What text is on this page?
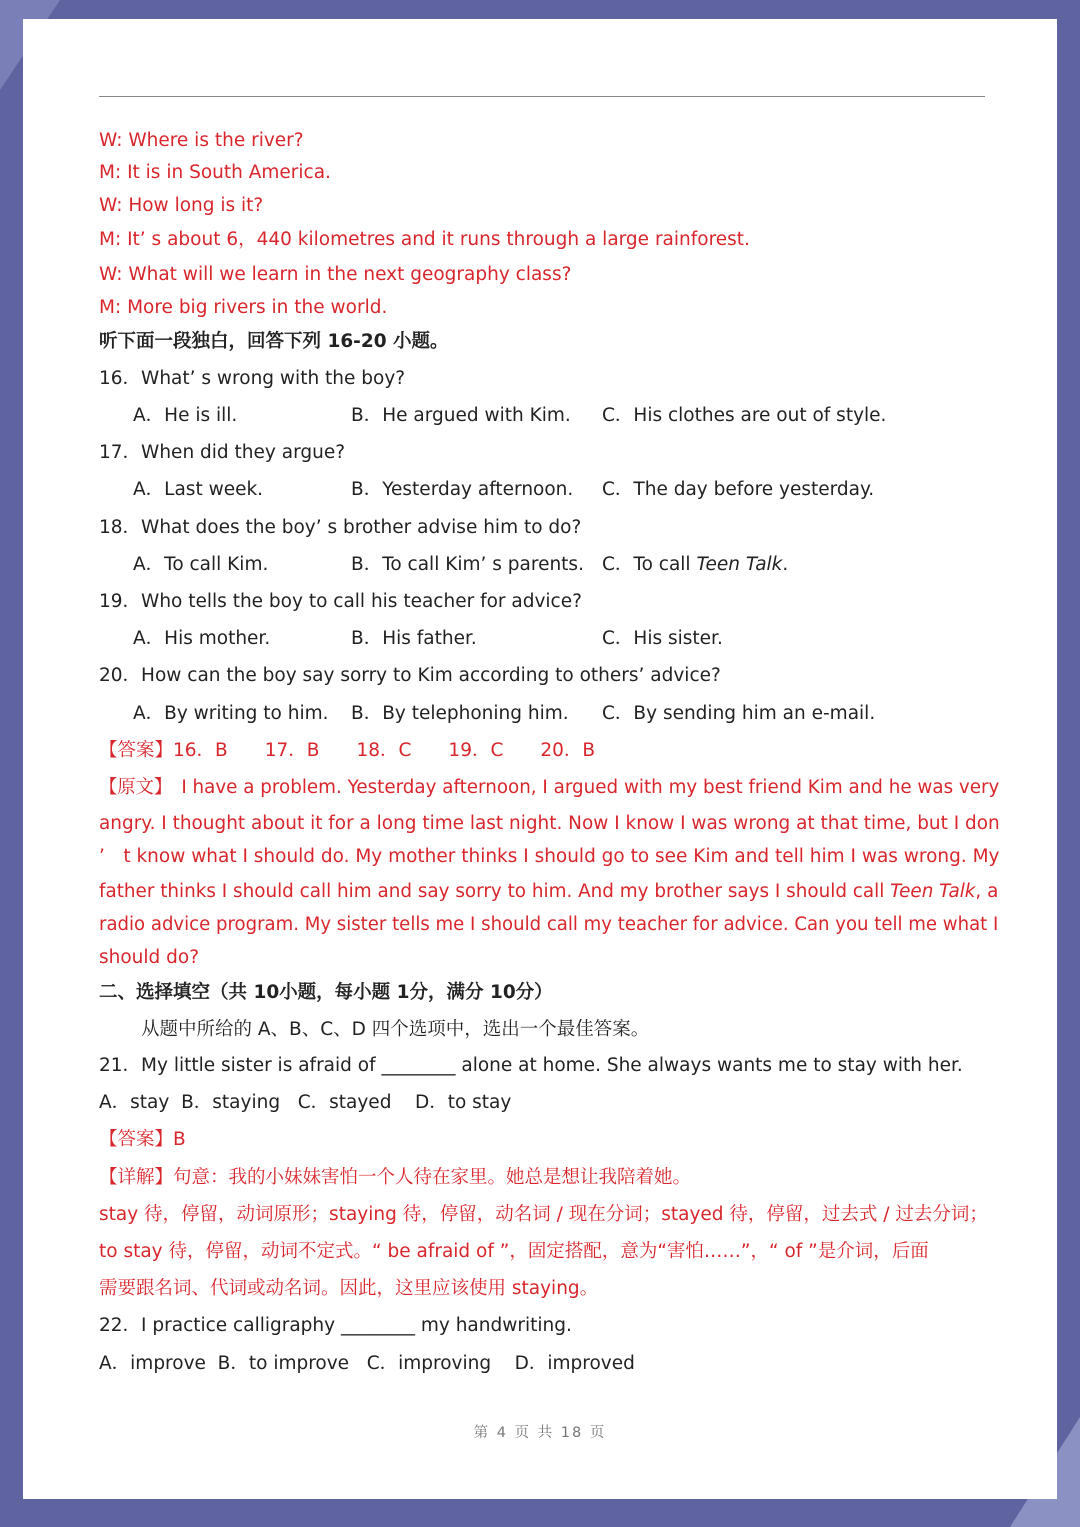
W: Where is the river?
M: It is in South America.
W: How long is it?
M: It’ s about 6，440 kilometres and it runs through a large rainforest.
W: What will we learn in the next geography class?
M: More big rivers in the world.
听下面一段独白，回答下列 16-20 小题。
16．What’ s wrong with the boy?
A．He is ill.	B．He argued with Kim. C．His clothes are out of style.
17．When did they argue?
A．Last week.	B．Yesterday afternoon. C．The day before yesterday.
18．What does the boy’ s brother advise him to do?
A．To call Kim.	B．To call Kim’ s parents. C．To call Teen Talk.
19．Who tells the boy to call his teacher for advice?
A．His mother.	B．His father.	C．His sister.
20．How can the boy say sorry to Kim according to others’ advice?
A．By writing to him. B．By telephoning him. C．By sending him an e-mail.
【答案】16．B　　17．B　　18．C　　19．C　　20．B
【原文】　I have a problem. Yesterday afternoon, I argued with my best friend Kim and he was very
angry. I thought about it for a long time last night. Now I know I was wrong at that time, but I don
’　t know what I should do. My mother thinks I should go to see Kim and tell him I was wrong. My
father thinks I should call him and say sorry to him. And my brother says I should call Teen Talk, a
radio advice program. My sister tells me I should call my teacher for advice. Can you tell me what I
should do?
二、选择填空（共 10小题，每小题 1分，满分 10分）
从题中所给的 A、B、C、D 四个选项中，选出一个最佳答案。
21．My little sister is afraid of ________ alone at home. She always wants me to stay with her.
A．stay  B．staying   C．stayed    D．to stay
【答案】B
【详解】句意：我的小妹妹害怕一个人待在家里。她总是想让我陪着她。
stay 待，停留，动词原形；staying 待，停留，动名词 / 现在分词；stayed 待，停留，过去式 / 过去分词；
to stay 待，停留，动词不定式。“ be afraid of ”，固定搭配，意为“害怕……”，“ of ”是介词，后面
需要跟名词、代词或动名词。因此，这里应该使用 staying。
22．I practice calligraphy ________ my handwriting.
A．improve  B．to improve   C．improving    D．improved
第 4 页 共 18 页
